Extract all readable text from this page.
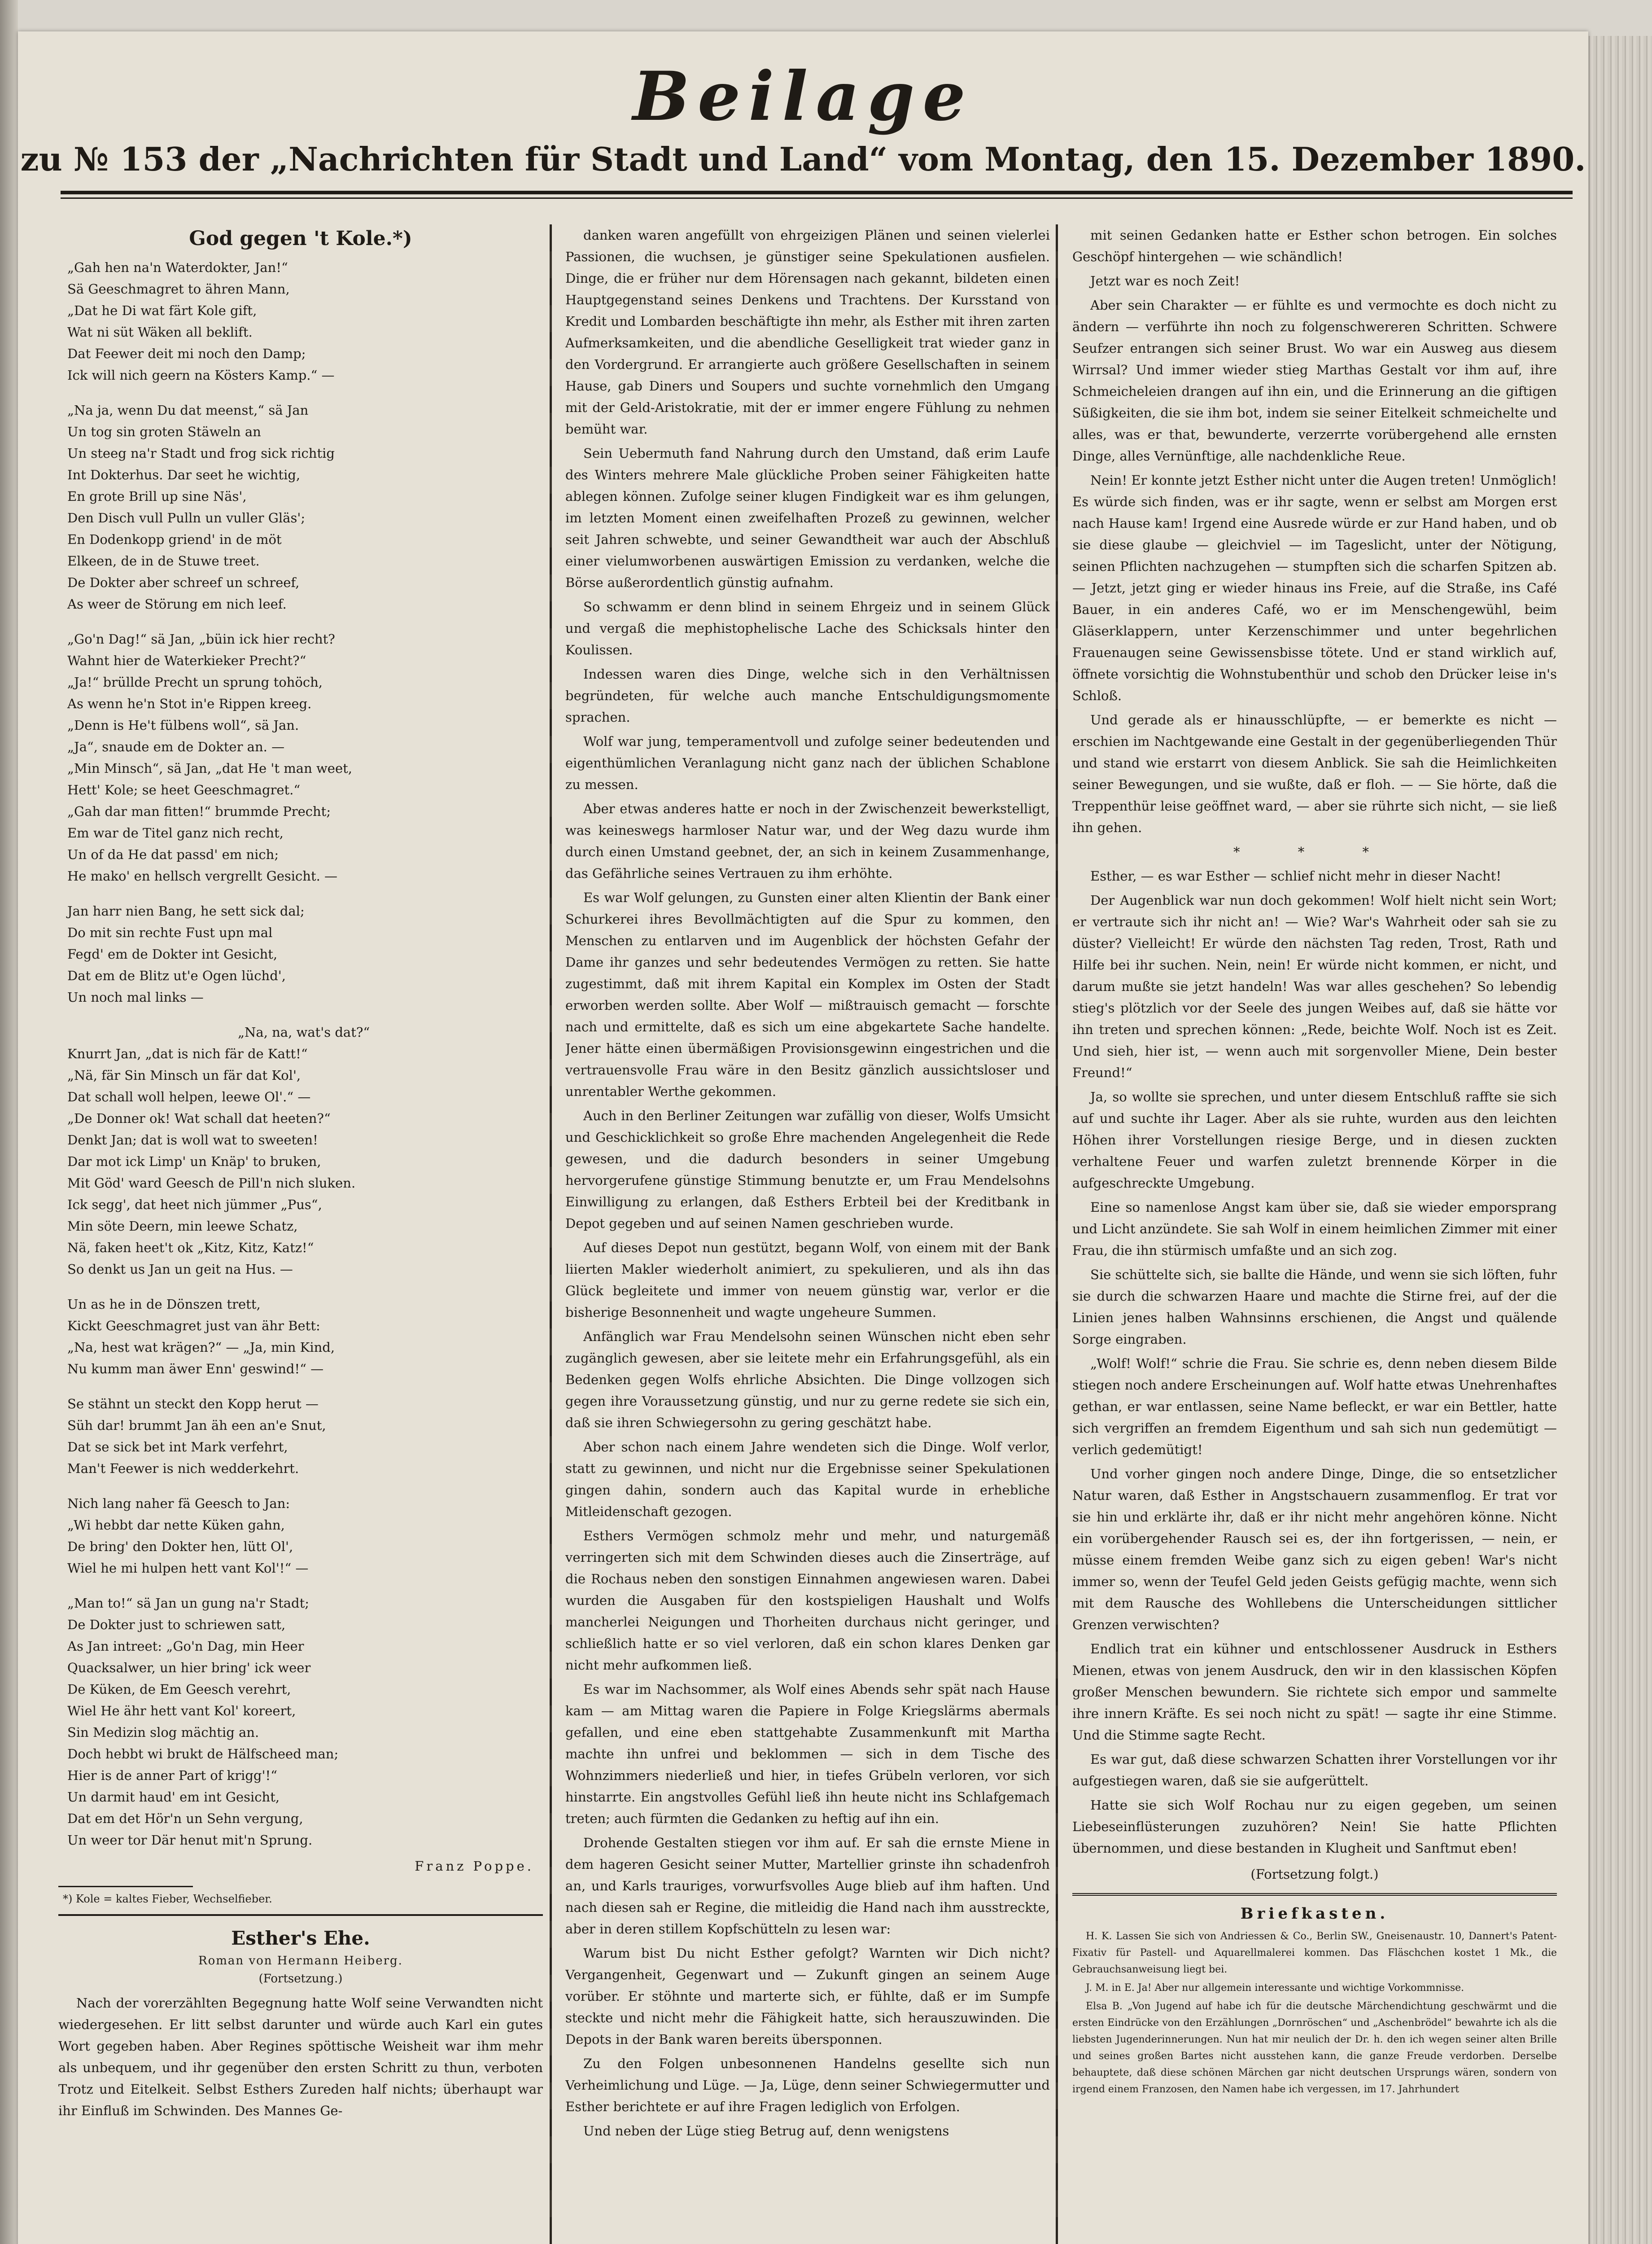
Beilage
zu № 153 der „Nachrichten für Stadt und Land“ vom Montag, den 15. Dezember 1890.
God gegen 't Kole.*)
„Gah hen na'n Waterdokter, Jan!“
Sä Geeschmagret to ähren Mann,
„Dat he Di wat färt Kole gift,
Wat ni süt Wäken all beklift.
Dat Feewer deit mi noch den Damp;
Ick will nich geern na Kösters Kamp.“ —
„Na ja, wenn Du dat meenst,“ sä Jan
Un tog sin groten Stäweln an
Un steeg na'r Stadt und frog sick richtig
Int Dokterhus. Dar seet he wichtig,
En grote Brill up sine Näs',
Den Disch vull Pulln un vuller Gläs';
En Dodenkopp griend' in de möt
Elkeen, de in de Stuwe treet.
De Dokter aber schreef un schreef,
As weer de Störung em nich leef.
„Go'n Dag!“ sä Jan, „büin ick hier recht?
Wahnt hier de Waterkieker Precht?“
„Ja!“ brüllde Precht un sprung tohöch,
As wenn he'n Stot in'e Rippen kreeg.
„Denn is He't fülbens woll“, sä Jan.
„Ja“, snaude em de Dokter an. —
„Min Minsch“, sä Jan, „dat He 't man weet,
Hett' Kole; se heet Geeschmagret.“
„Gah dar man fitten!“ brummde Precht;
Em war de Titel ganz nich recht,
Un of da He dat passd' em nich;
He mako' en hellsch vergrellt Gesicht. —
Jan harr nien Bang, he sett sick dal;
Do mit sin rechte Fust upn mal
Fegd' em de Dokter int Gesicht,
Dat em de Blitz ut'e Ogen lüchd',
Un noch mal links —
„Na, na, wat's dat?“
Knurrt Jan, „dat is nich fär de Katt!“
„Nä, fär Sin Minsch un fär dat Kol',
Dat schall woll helpen, leewe Ol'.“ —
„De Donner ok! Wat schall dat heeten?“
Denkt Jan; dat is woll wat to sweeten!
Dar mot ick Limp' un Knäp' to bruken,
Mit Göd' ward Geesch de Pill'n nich sluken.
Ick segg', dat heet nich jümmer „Pus“,
Min söte Deern, min leewe Schatz,
Nä, faken heet't ok „Kitz, Kitz, Katz!“
So denkt us Jan un geit na Hus. —
Un as he in de Dönszen trett,
Kickt Geeschmagret just van ähr Bett:
„Na, hest wat krägen?“ — „Ja, min Kind,
Nu kumm man äwer Enn' geswind!“ —
Se stähnt un steckt den Kopp herut —
Süh dar! brummt Jan äh een an'e Snut,
Dat se sick bet int Mark verfehrt,
Man't Feewer is nich wedderkehrt.
Nich lang naher fä Geesch to Jan:
„Wi hebbt dar nette Küken gahn,
De bring' den Dokter hen, lütt Ol',
Wiel he mi hulpen hett vant Kol'!“ —
„Man to!“ sä Jan un gung na'r Stadt;
De Dokter just to schriewen satt,
As Jan intreet: „Go'n Dag, min Heer
Quacksalwer, un hier bring' ick weer
De Küken, de Em Geesch verehrt,
Wiel He ähr hett vant Kol' koreert,
Sin Medizin slog mächtig an.
Doch hebbt wi brukt de Hälfscheed man;
Hier is de anner Part of krigg'!“
Un darmit haud' em int Gesicht,
Dat em det Hör'n un Sehn vergung,
Un weer tor Där henut mit'n Sprung.
Franz Poppe.
*) Kole = kaltes Fieber, Wechselfieber.
Esther's Ehe.
Roman von Hermann Heiberg.
(Fortsetzung.)

Nach der vorerzählten Begegnung hatte Wolf seine Verwandten nicht wiedergesehen. Er litt selbst darunter und würde auch Karl ein gutes Wort gegeben haben. Aber Regines spöttische Weisheit war ihm mehr als unbequem, und ihr gegenüber den ersten Schritt zu thun, verboten Trotz und Eitelkeit. Selbst Esthers Zureden half nichts; überhaupt war ihr Einfluß im Schwinden. Des Mannes Ge-

danken waren angefüllt von ehrgeizigen Plänen und seinen vielerlei Passionen, die wuchsen, je günstiger seine Spekulationen ausfielen. Dinge, die er früher nur dem Hörensagen nach gekannt, bildeten einen Hauptgegenstand seines Denkens und Trachtens. Der Kursstand von Kredit und Lombarden beschäftigte ihn mehr, als Esther mit ihren zarten Aufmerksamkeiten, und die abendliche Geselligkeit trat wieder ganz in den Vordergrund. Er arrangierte auch größere Gesellschaften in seinem Hause, gab Diners und Soupers und suchte vornehmlich den Umgang mit der Geld-Aristokratie, mit der er immer engere Fühlung zu nehmen bemüht war.

Sein Uebermuth fand Nahrung durch den Umstand, daß erim Laufe des Winters mehrere Male glückliche Proben seiner Fähigkeiten hatte ablegen können. Zufolge seiner klugen Findigkeit war es ihm gelungen, im letzten Moment einen zweifelhaften Prozeß zu gewinnen, welcher seit Jahren schwebte, und seiner Gewandtheit war auch der Abschluß einer vielumworbenen auswärtigen Emission zu verdanken, welche die Börse außerordentlich günstig aufnahm.

So schwamm er denn blind in seinem Ehrgeiz und in seinem Glück und vergaß die mephistophelische Lache des Schicksals hinter den Koulissen.

Indessen waren dies Dinge, welche sich in den Verhältnissen begründeten, für welche auch manche Entschuldigungsmomente sprachen.

Wolf war jung, temperamentvoll und zufolge seiner bedeutenden und eigenthümlichen Veranlagung nicht ganz nach der üblichen Schablone zu messen.

Aber etwas anderes hatte er noch in der Zwischenzeit bewerkstelligt, was keineswegs harmloser Natur war, und der Weg dazu wurde ihm durch einen Umstand geebnet, der, an sich in keinem Zusammenhange, das Gefährliche seines Vertrauen zu ihm erhöhte.

Es war Wolf gelungen, zu Gunsten einer alten Klientin der Bank einer Schurkerei ihres Bevollmächtigten auf die Spur zu kommen, den Menschen zu entlarven und im Augenblick der höchsten Gefahr der Dame ihr ganzes und sehr bedeutendes Vermögen zu retten. Sie hatte zugestimmt, daß mit ihrem Kapital ein Komplex im Osten der Stadt erworben werden sollte. Aber Wolf — mißtrauisch gemacht — forschte nach und ermittelte, daß es sich um eine abgekartete Sache handelte. Jener hätte einen übermäßigen Provisionsgewinn eingestrichen und die vertrauensvolle Frau wäre in den Besitz gänzlich aussichtsloser und unrentabler Werthe gekommen.

Auch in den Berliner Zeitungen war zufällig von dieser, Wolfs Umsicht und Geschicklichkeit so große Ehre machenden Angelegenheit die Rede gewesen, und die dadurch besonders in seiner Umgebung hervorgerufene günstige Stimmung benutzte er, um Frau Mendelsohns Einwilligung zu erlangen, daß Esthers Erbteil bei der Kreditbank in Depot gegeben und auf seinen Namen geschrieben wurde.

Auf dieses Depot nun gestützt, begann Wolf, von einem mit der Bank liierten Makler wiederholt animiert, zu spekulieren, und als ihn das Glück begleitete und immer von neuem günstig war, verlor er die bisherige Besonnenheit und wagte ungeheure Summen.

Anfänglich war Frau Mendelsohn seinen Wünschen nicht eben sehr zugänglich gewesen, aber sie leitete mehr ein Erfahrungsgefühl, als ein Bedenken gegen Wolfs ehrliche Absichten. Die Dinge vollzogen sich gegen ihre Voraussetzung günstig, und nur zu gerne redete sie sich ein, daß sie ihren Schwiegersohn zu gering geschätzt habe.

Aber schon nach einem Jahre wendeten sich die Dinge. Wolf verlor, statt zu gewinnen, und nicht nur die Ergebnisse seiner Spekulationen gingen dahin, sondern auch das Kapital wurde in erhebliche Mitleidenschaft gezogen.

Esthers Vermögen schmolz mehr und mehr, und naturgemäß verringerten sich mit dem Schwinden dieses auch die Zinserträge, auf die Rochaus neben den sonstigen Einnahmen angewiesen waren. Dabei wurden die Ausgaben für den kostspieligen Haushalt und Wolfs mancherlei Neigungen und Thorheiten durchaus nicht geringer, und schließlich hatte er so viel verloren, daß ein schon klares Denken gar nicht mehr aufkommen ließ.

Es war im Nachsommer, als Wolf eines Abends sehr spät nach Hause kam — am Mittag waren die Papiere in Folge Kriegslärms abermals gefallen, und eine eben stattgehabte Zusammenkunft mit Martha machte ihn unfrei und beklommen — sich in dem Tische des Wohnzimmers niederließ und hier, in tiefes Grübeln verloren, vor sich hinstarrte. Ein angstvolles Gefühl ließ ihn heute nicht ins Schlafgemach treten; auch fürmten die Gedanken zu heftig auf ihn ein.

Drohende Gestalten stiegen vor ihm auf. Er sah die ernste Miene in dem hageren Gesicht seiner Mutter, Martellier grinste ihn schadenfroh an, und Karls trauriges, vorwurfsvolles Auge blieb auf ihm haften. Und nach diesen sah er Regine, die mitleidig die Hand nach ihm ausstreckte, aber in deren stillem Kopfschütteln zu lesen war:

Warum bist Du nicht Esther gefolgt? Warnten wir Dich nicht? Vergangenheit, Gegenwart und — Zukunft gingen an seinem Auge vorüber. Er stöhnte und marterte sich, er fühlte, daß er im Sumpfe steckte und nicht mehr die Fähigkeit hatte, sich herauszuwinden. Die Depots in der Bank waren bereits übersponnen.

Zu den Folgen unbesonnenen Handelns gesellte sich nun Verheimlichung und Lüge. — Ja, Lüge, denn seiner Schwiegermutter und Esther berichtete er auf ihre Fragen lediglich von Erfolgen.

Und neben der Lüge stieg Betrug auf, denn wenigstens

mit seinen Gedanken hatte er Esther schon betrogen. Ein solches Geschöpf hintergehen — wie schändlich!

Jetzt war es noch Zeit!

Aber sein Charakter — er fühlte es und vermochte es doch nicht zu ändern — verführte ihn noch zu folgenschwereren Schritten. Schwere Seufzer entrangen sich seiner Brust. Wo war ein Ausweg aus diesem Wirrsal? Und immer wieder stieg Marthas Gestalt vor ihm auf, ihre Schmeicheleien drangen auf ihn ein, und die Erinnerung an die giftigen Süßigkeiten, die sie ihm bot, indem sie seiner Eitelkeit schmeichelte und alles, was er that, bewunderte, verzerrte vorübergehend alle ernsten Dinge, alles Vernünftige, alle nachdenkliche Reue.

Nein! Er konnte jetzt Esther nicht unter die Augen treten! Unmöglich! Es würde sich finden, was er ihr sagte, wenn er selbst am Morgen erst nach Hause kam! Irgend eine Ausrede würde er zur Hand haben, und ob sie diese glaube — gleichviel — im Tageslicht, unter der Nötigung, seinen Pflichten nachzugehen — stumpften sich die scharfen Spitzen ab. — Jetzt, jetzt ging er wieder hinaus ins Freie, auf die Straße, ins Café Bauer, in ein anderes Café, wo er im Menschengewühl, beim Gläserklappern, unter Kerzenschimmer und unter begehrlichen Frauenaugen seine Gewissensbisse tötete. Und er stand wirklich auf, öffnete vorsichtig die Wohnstubenthür und schob den Drücker leise in's Schloß.

Und gerade als er hinausschlüpfte, — er bemerkte es nicht — erschien im Nachtgewande eine Gestalt in der gegenüberliegenden Thür und stand wie erstarrt von diesem Anblick. Sie sah die Heimlichkeiten seiner Bewegungen, und sie wußte, daß er floh. — — Sie hörte, daß die Treppenthür leise geöffnet ward, — aber sie rührte sich nicht, — sie ließ ihn gehen.

* * *

Esther, — es war Esther — schlief nicht mehr in dieser Nacht!

Der Augenblick war nun doch gekommen! Wolf hielt nicht sein Wort; er vertraute sich ihr nicht an! — Wie? War's Wahrheit oder sah sie zu düster? Vielleicht! Er würde den nächsten Tag reden, Trost, Rath und Hilfe bei ihr suchen. Nein, nein! Er würde nicht kommen, er nicht, und darum mußte sie jetzt handeln! Was war alles geschehen? So lebendig stieg's plötzlich vor der Seele des jungen Weibes auf, daß sie hätte vor ihn treten und sprechen können: „Rede, beichte Wolf. Noch ist es Zeit. Und sieh, hier ist, — wenn auch mit sorgenvoller Miene, Dein bester Freund!“

Ja, so wollte sie sprechen, und unter diesem Entschluß raffte sie sich auf und suchte ihr Lager. Aber als sie ruhte, wurden aus den leichten Höhen ihrer Vorstellungen riesige Berge, und in diesen zuckten verhaltene Feuer und warfen zuletzt brennende Körper in die aufgeschreckte Umgebung.

Eine so namenlose Angst kam über sie, daß sie wieder emporsprang und Licht anzündete. Sie sah Wolf in einem heimlichen Zimmer mit einer Frau, die ihn stürmisch umfaßte und an sich zog.

Sie schüttelte sich, sie ballte die Hände, und wenn sie sich löften, fuhr sie durch die schwarzen Haare und machte die Stirne frei, auf der die Linien jenes halben Wahnsinns erschienen, die Angst und quälende Sorge eingraben.

„Wolf! Wolf!“ schrie die Frau. Sie schrie es, denn neben diesem Bilde stiegen noch andere Erscheinungen auf. Wolf hatte etwas Unehrenhaftes gethan, er war entlassen, seine Name befleckt, er war ein Bettler, hatte sich vergriffen an fremdem Eigenthum und sah sich nun gedemütigt — verlich gedemütigt!

Und vorher gingen noch andere Dinge, Dinge, die so entsetzlicher Natur waren, daß Esther in Angstschauern zusammenflog. Er trat vor sie hin und erklärte ihr, daß er ihr nicht mehr angehören könne. Nicht ein vorübergehender Rausch sei es, der ihn fortgerissen, — nein, er müsse einem fremden Weibe ganz sich zu eigen geben! War's nicht immer so, wenn der Teufel Geld jeden Geists gefügig machte, wenn sich mit dem Rausche des Wohllebens die Unterscheidungen sittlicher Grenzen verwischten?

Endlich trat ein kühner und entschlossener Ausdruck in Esthers Mienen, etwas von jenem Ausdruck, den wir in den klassischen Köpfen großer Menschen bewundern. Sie richtete sich empor und sammelte ihre innern Kräfte. Es sei noch nicht zu spät! — sagte ihr eine Stimme. Und die Stimme sagte Recht.

Es war gut, daß diese schwarzen Schatten ihrer Vorstellungen vor ihr aufgestiegen waren, daß sie sie aufgerüttelt.

Hatte sie sich Wolf Rochau nur zu eigen gegeben, um seinen Liebeseinflüsterungen zuzuhören? Nein! Sie hatte Pflichten übernommen, und diese bestanden in Klugheit und Sanftmut eben!

(Fortsetzung folgt.)
Briefkasten.

H. K. Lassen Sie sich von Andriessen & Co., Berlin SW., Gneisenaustr. 10, Dannert's Patent-Fixativ für Pastell- und Aquarellmalerei kommen. Das Fläschchen kostet 1 Mk., die Gebrauchsanweisung liegt bei.

J. M. in E. Ja! Aber nur allgemein interessante und wichtige Vorkommnisse.

Elsa B. „Von Jugend auf habe ich für die deutsche Märchendichtung geschwärmt und die ersten Eindrücke von den Erzählungen „Dornröschen“ und „Aschenbrödel“ bewahrte ich als die liebsten Jugenderinnerungen. Nun hat mir neulich der Dr. h. den ich wegen seiner alten Brille und seines großen Bartes nicht ausstehen kann, die ganze Freude verdorben. Derselbe behauptete, daß diese schönen Märchen gar nicht deutschen Ursprungs wären, sondern von irgend einem Franzosen, den Namen habe ich vergessen, im 17. Jahrhundert
